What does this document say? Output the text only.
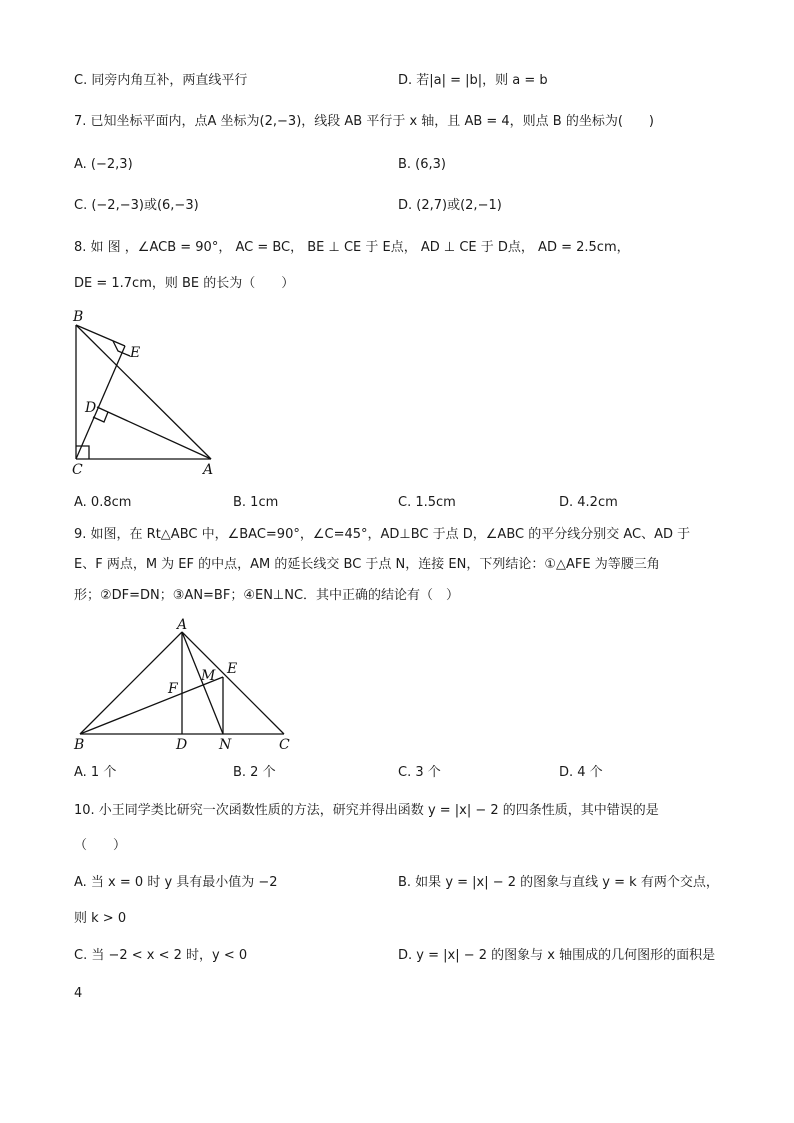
C. 同旁内角互补，两直线平行	D. 若|a| = |b|，则 a = b
7. 已知坐标平面内，点A 坐标为(2,−3)，线段 AB 平行于 x 轴，且 AB = 4，则点 B 的坐标为(　　)
A. (−2,3)	B. (6,3)
C. (−2,−3)或(6,−3)	D. (2,7)或(2,−1)
8. 如 图 ，∠ACB = 90°， AC = BC， BE ⊥ CE 于 E点， AD ⊥ CE 于 D点， AD = 2.5cm，
DE = 1.7cm，则 BE 的长为（　　）
B
E
D
C	A
A. 0.8cm	B. 1cm	C. 1.5cm	D. 4.2cm
9. 如图，在 Rt△ABC 中，∠BAC=90°，∠C=45°，AD⊥BC 于点 D，∠ABC 的平分线分别交 AC、AD 于
E、F 两点，M 为 EF 的中点，AM 的延长线交 BC 于点 N，连接 EN，下列结论：①△AFE 为等腰三角
形；②DF=DN；③AN=BF；④EN⊥NC．其中正确的结论有（　）
A
E
M
F
B	D N	C
A. 1 个	B. 2 个	C. 3 个	D. 4 个
10. 小王同学类比研究一次函数性质的方法，研究并得出函数 y = |x| − 2 的四条性质，其中错误的是
（　　）
A. 当 x = 0 时 y 具有最小值为 −2	B. 如果 y = |x| − 2 的图象与直线 y = k 有两个交点，
则 k > 0
C. 当 −2 < x < 2 时，y < 0	D. y = |x| − 2 的图象与 x 轴围成的几何图形的面积是
4
